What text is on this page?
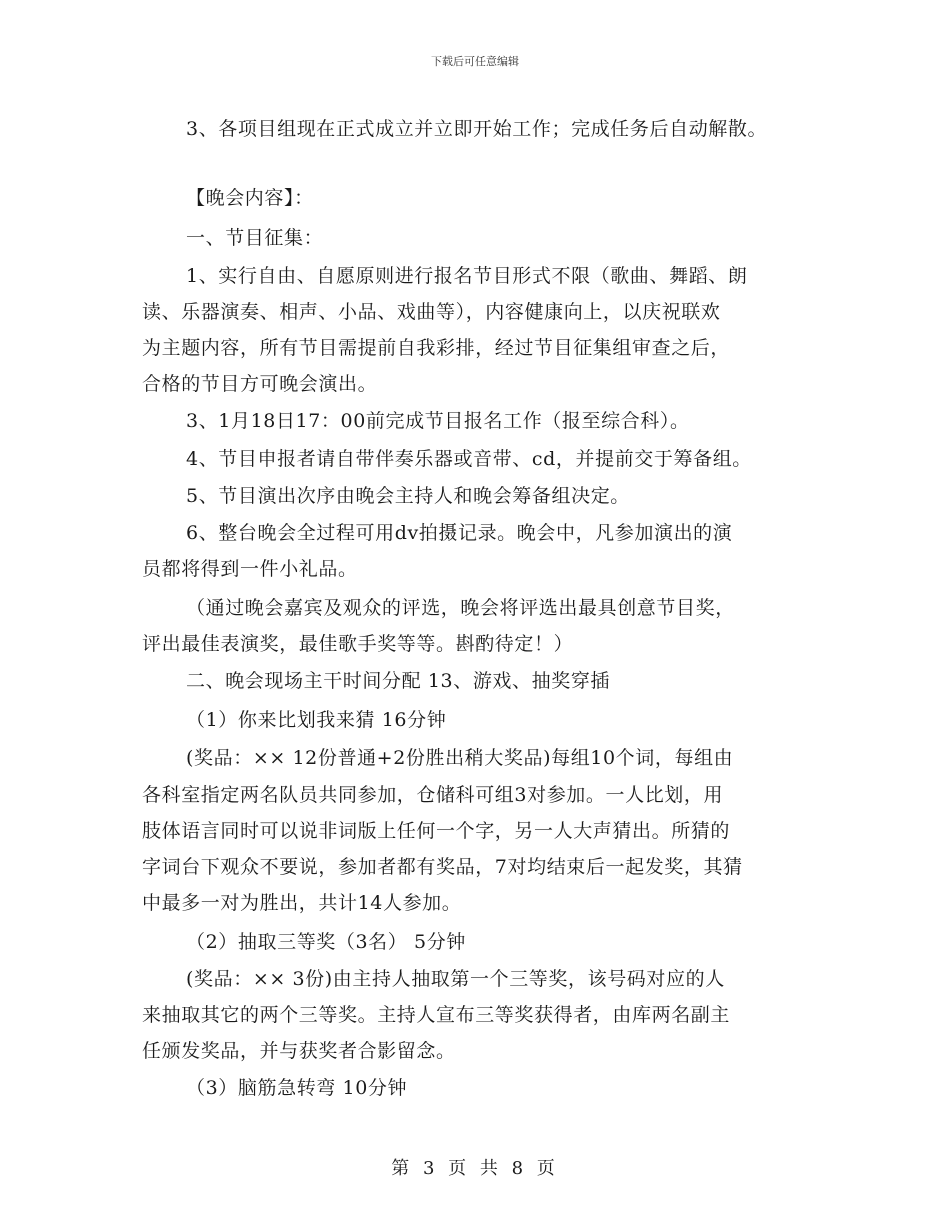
下载后可任意编辑
3、各项目组现在正式成立并立即开始工作；完成任务后自动解散。
【晚会内容】：
一、节目征集：
1、实行自由、自愿原则进行报名节目形式不限（歌曲、舞蹈、朗
读、乐器演奏、相声、小品、戏曲等），内容健康向上，以庆祝联欢
为主题内容，所有节目需提前自我彩排，经过节目征集组审查之后，
合格的节目方可晚会演出。
3、1月18日17：00前完成节目报名工作（报至综合科）。
4、节目申报者请自带伴奏乐器或音带、cd，并提前交于筹备组。
5、节目演出次序由晚会主持人和晚会筹备组决定。
6、整台晚会全过程可用dv拍摄记录。晚会中，凡参加演出的演
员都将得到一件小礼品。
（通过晚会嘉宾及观众的评选，晚会将评选出最具创意节目奖，
评出最佳表演奖，最佳歌手奖等等。斟酌待定！）
二、晚会现场主干时间分配 13、游戏、抽奖穿插
（1）你来比划我来猜 16分钟
(奖品：×× 12份普通+2份胜出稍大奖品)每组10个词，每组由
各科室指定两名队员共同参加，仓储科可组3对参加。一人比划，用
肢体语言同时可以说非词版上任何一个字，另一人大声猜出。所猜的
字词台下观众不要说，参加者都有奖品，7对均结束后一起发奖，其猜
中最多一对为胜出，共计14人参加。
（2）抽取三等奖（3名） 5分钟
(奖品：×× 3份)由主持人抽取第一个三等奖，该号码对应的人
来抽取其它的两个三等奖。主持人宣布三等奖获得者，由库两名副主
任颁发奖品，并与获奖者合影留念。
（3）脑筋急转弯 10分钟
第 3 页 共 8 页
